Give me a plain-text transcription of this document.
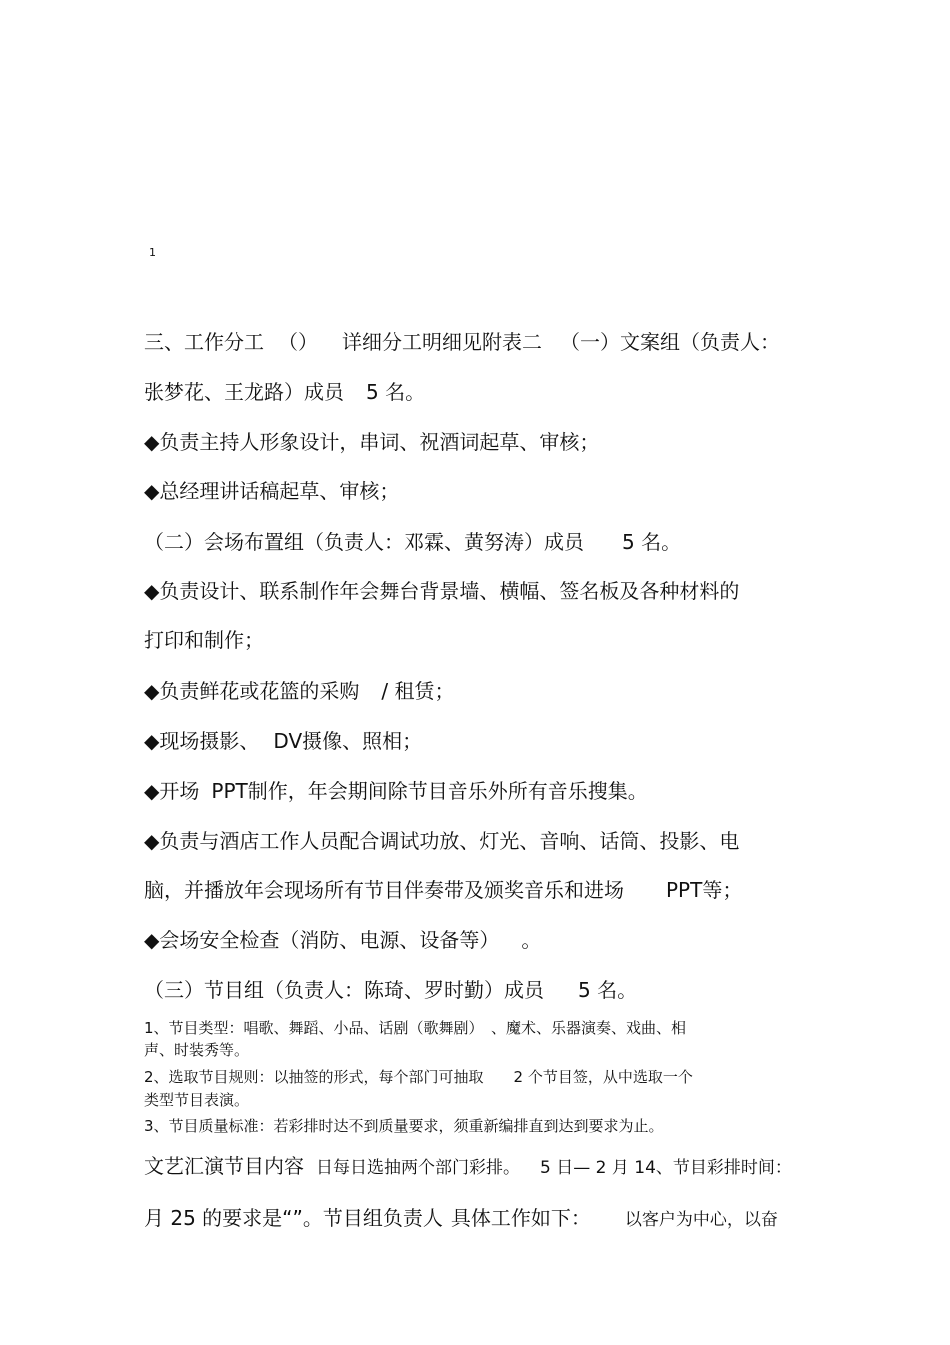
1
三、工作分工 （） 详细分工明细见附表二 （一）文案组（负责人：
张梦花、王龙路）成员 5 名。
◆负责主持人形象设计，串词、祝酒词起草、审核；
◆总经理讲话稿起草、审核；
（二）会场布置组（负责人：邓霖、黄努涛）成员 5 名。
◆负责设计、联系制作年会舞台背景墙、横幅、签名板及各种材料的
打印和制作；
◆负责鲜花或花篮的采购 / 租赁；
◆现场摄影、 DV摄像、照相；
◆开场 PPT制作，年会期间除节目音乐外所有音乐搜集。
◆负责与酒店工作人员配合调试功放、灯光、音响、话筒、投影、电
脑，并播放年会现场所有节目伴奏带及颁奖音乐和进场 PPT等；
◆会场安全检查（消防、电源、设备等） 。
（三）节目组（负责人：陈琦、罗时勤）成员 5 名。
1、节目类型：唱歌、舞蹈、小品、话剧（歌舞剧）　、魔术、乐器演奏、戏曲、相
声、时装秀等。
2、选取节目规则：以抽签的形式，每个部门可抽取　　2 个节目签，从中选取一个
类型节目表演。
3、节目质量标准：若彩排时达不到质量要求，须重新编排直到达到要求为止。
文艺汇演节目内容 日每日选抽两个部门彩排。 5 日— 2 月 14、节目彩排时间：
月 25 的要求是“”。节目组负责人 具体工作如下： 以客户为中心，以奋
